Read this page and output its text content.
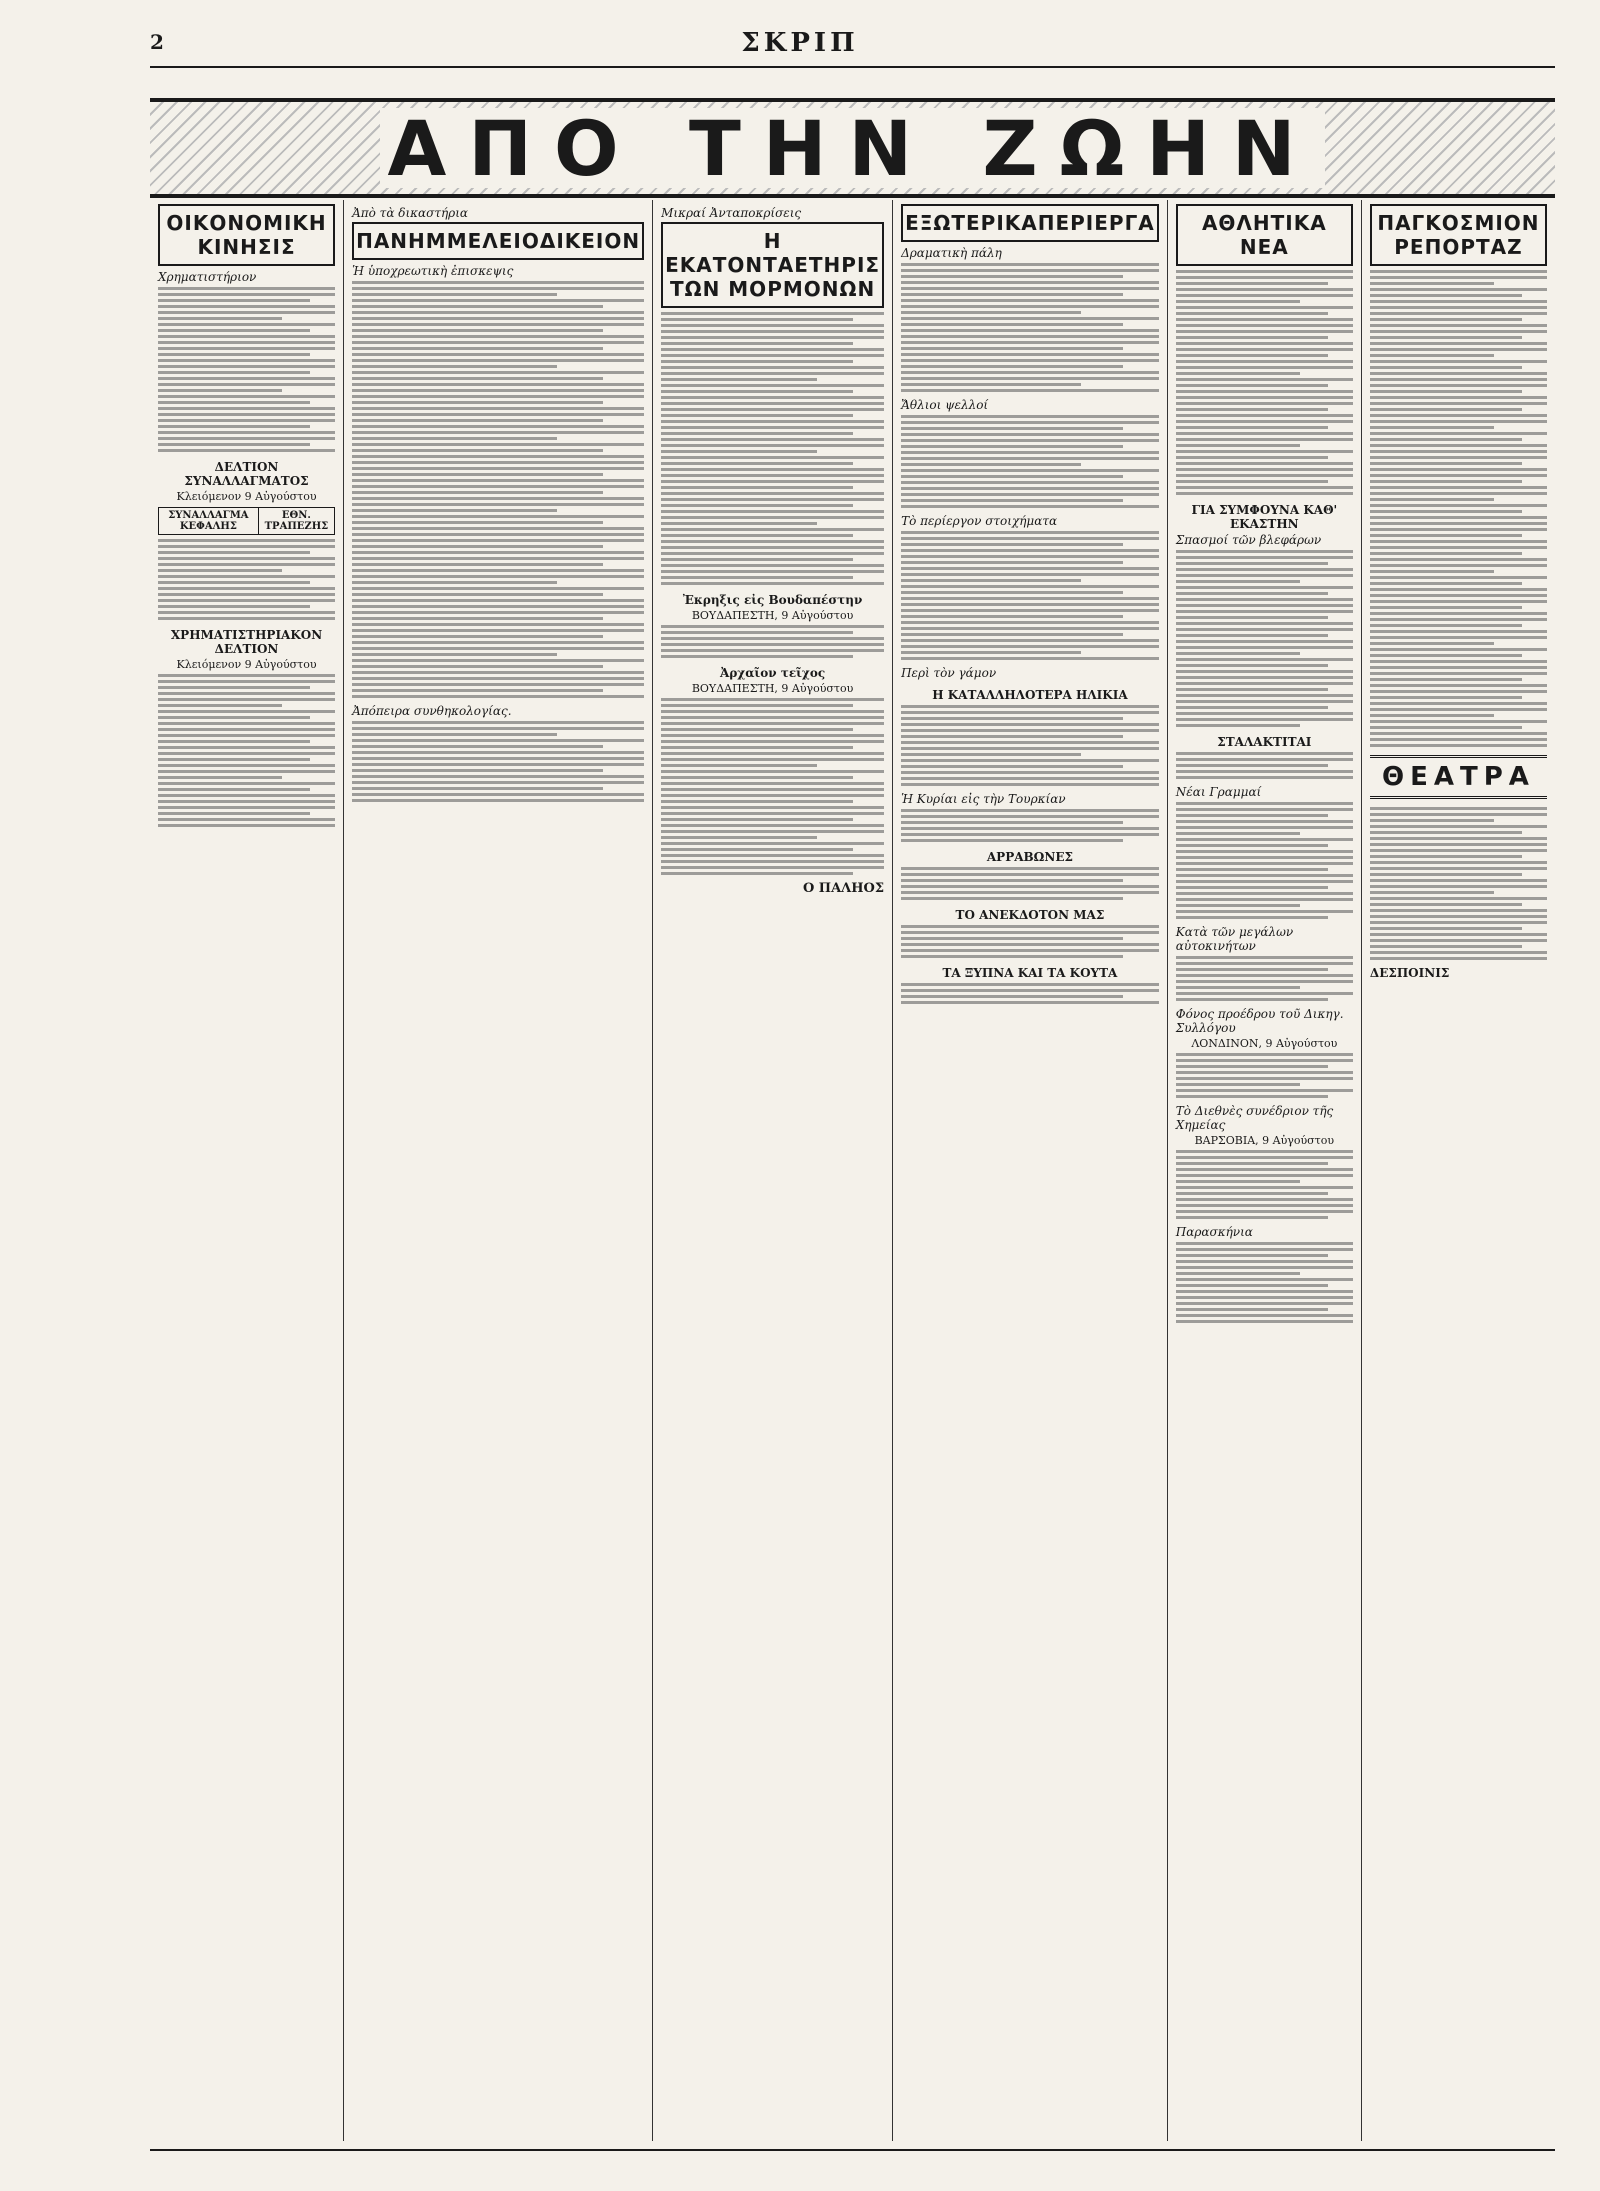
2	ΣΚΡΙΠ
ΑΠΟ ΤΗΝ ΖΩΗΝ
ΟΙΚΟΝΟΜΙΚΗ ΚΙΝΗΣΙΣ
Χρηματιστήριον
ΔΕΛΤΙΟΝ ΣΥΝΑΛΛΑΓΜΑΤΟΣ
Κλειόμενον 9 Αὐγούστου
ΣΥΝΑΛΛΑΓΜΑ ΚΕΦΑΛΗΣ	ΕΘΝ. ΤΡΑΠΕΖΗΣ
ΧΡΗΜΑΤΙΣΤΗΡΙΑΚΟΝ ΔΕΛΤΙΟΝ
Κλειόμενον 9 Αὐγούστου
Ἀπὸ τὰ δικαστήρια
ΠΑΝΗΜΜΕΛΕΙΟΔΙΚΕΙΟΝ
Ἡ ὑποχρεωτικὴ ἐπισκεψις
Ἀπόπειρα συνθηκολογίας.
Μικραί Ἀνταποκρίσεις
Η ΕΚΑΤΟΝΤΑΕΤΗΡΙΣ ΤΩΝ ΜΟΡΜΟΝΩΝ
Ἐκρηξις εἰς Βουδαπέστην
ΒΟΥΔΑΠΕΣΤΗ, 9 Αὐγούστου
Ἀρχαῖον τεῖχος
ΒΟΥΔΑΠΕΣΤΗ, 9 Αὐγούστου
Ο ΠΑΛΗΟΣ
ΕΞΩΤΕΡΙΚΑΠΕΡΙΕΡΓΑ
Δραματικὴ πάλη
Ἄθλιοι ψελλοί
Τὸ περίεργον στοιχήματα
Περὶ τὸν γάμον
Η ΚΑΤΑΛΛΗΛΟΤΕΡΑ ΗΛΙΚΙΑ
Ἡ Κυρίαι εἰς τὴν Τουρκίαν
ΑΡΡΑΒΩΝΕΣ
ΤΟ ΑΝΕΚΔΟΤΟΝ ΜΑΣ
ΤΑ ΞΥΠΝΑ ΚΑΙ ΤΑ ΚΟΥΤΑ
ΑΘΛΗΤΙΚΑ ΝΕΑ
ΓΙΑ ΣΥΜΦΟΥΝΑ ΚΑΘ' ΕΚΑΣΤΗΝ
Σπασμοί τῶν βλεφάρων
ΣΤΑΛΑΚΤΙΤΑΙ
Νέαι Γραμμαί
Κατὰ τῶν μεγάλων αὐτοκινήτων
Φόνος προέδρου τοῦ Δικηγ. Συλλόγου
ΛΟΝΔΙΝΟΝ, 9 Αὐγούστου
Τὸ Διεθνὲς συνέδριον τῆς Χημείας
ΒΑΡΣΟΒΙΑ, 9 Αὐγούστου
Παρασκήνια
ΠΑΓΚΟΣΜΙΟΝ ΡΕΠΟΡΤΑΖ
ΘΕΑΤΡΑ
ΔΕΣΠΟΙΝΙΣ
